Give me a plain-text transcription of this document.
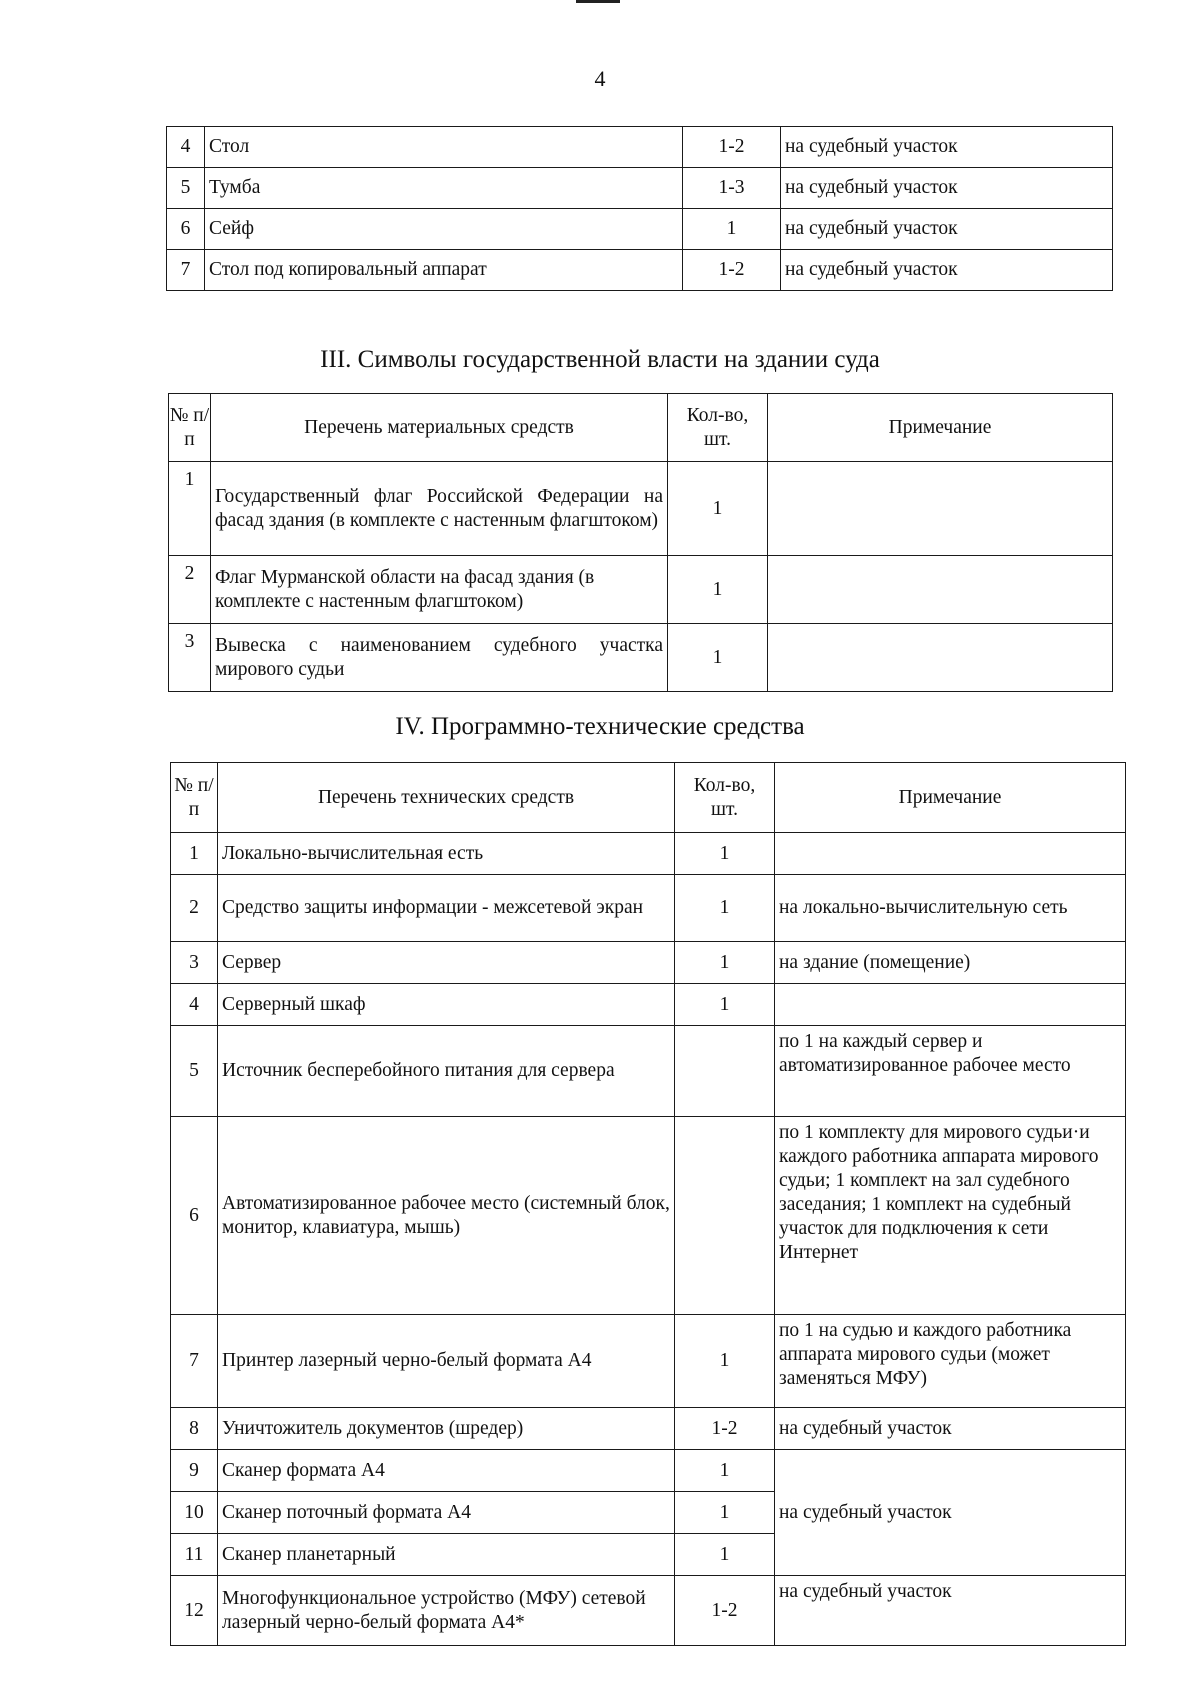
4
4	Стол	1-2	на судебный участок
5	Тумба	1-3	на судебный участок
6	Сейф	1	на судебный участок
7	Стол под копировальный аппарат	1-2	на судебный участок
III. Символы государственной власти на здании суда
№ п/п	Перечень материальных средств	Кол-во, шт.	Примечание
1	Государственный флаг Российской Федерации на фасад здания (в комплекте с настенным флагштоком)	1	
2	Флаг Мурманской области на фасад здания (в комплекте с настенным флагштоком)	1	
3	Вывеска с наименованием судебного участка мирового судьи	1	
IV. Программно-технические средства
№ п/п	Перечень технических средств	Кол-во, шт.	Примечание
1	Локально-вычислительная есть	1	
2	Средство защиты информации - межсетевой экран	1	на локально-вычислительную сеть
3	Сервер	1	на здание (помещение)
4	Серверный шкаф	1	
5	Источник бесперебойного питания для сервера		по 1 на каждый сервер и автоматизированное рабочее место
6	Автоматизированное рабочее место (системный блок, монитор, клавиатура, мышь)		по 1 комплекту для мирового судьи·и каждого работника аппарата мирового судьи; 1 комплект на зал судебного заседания; 1 комплект на судебный участок для подключения к сети Интернет
7	Принтер лазерный черно-белый формата А4	1	по 1 на судью и каждого работника аппарата мирового судьи (может заменяться МФУ)
8	Уничтожитель документов (шредер)	1-2	на судебный участок
9	Сканер формата А4	1	на судебный участок
10	Сканер поточный формата А4	1	
11	Сканер планетарный	1	
12	Многофункциональное устройство (МФУ) сетевой лазерный черно-белый формата А4*	1-2	на судебный участок
